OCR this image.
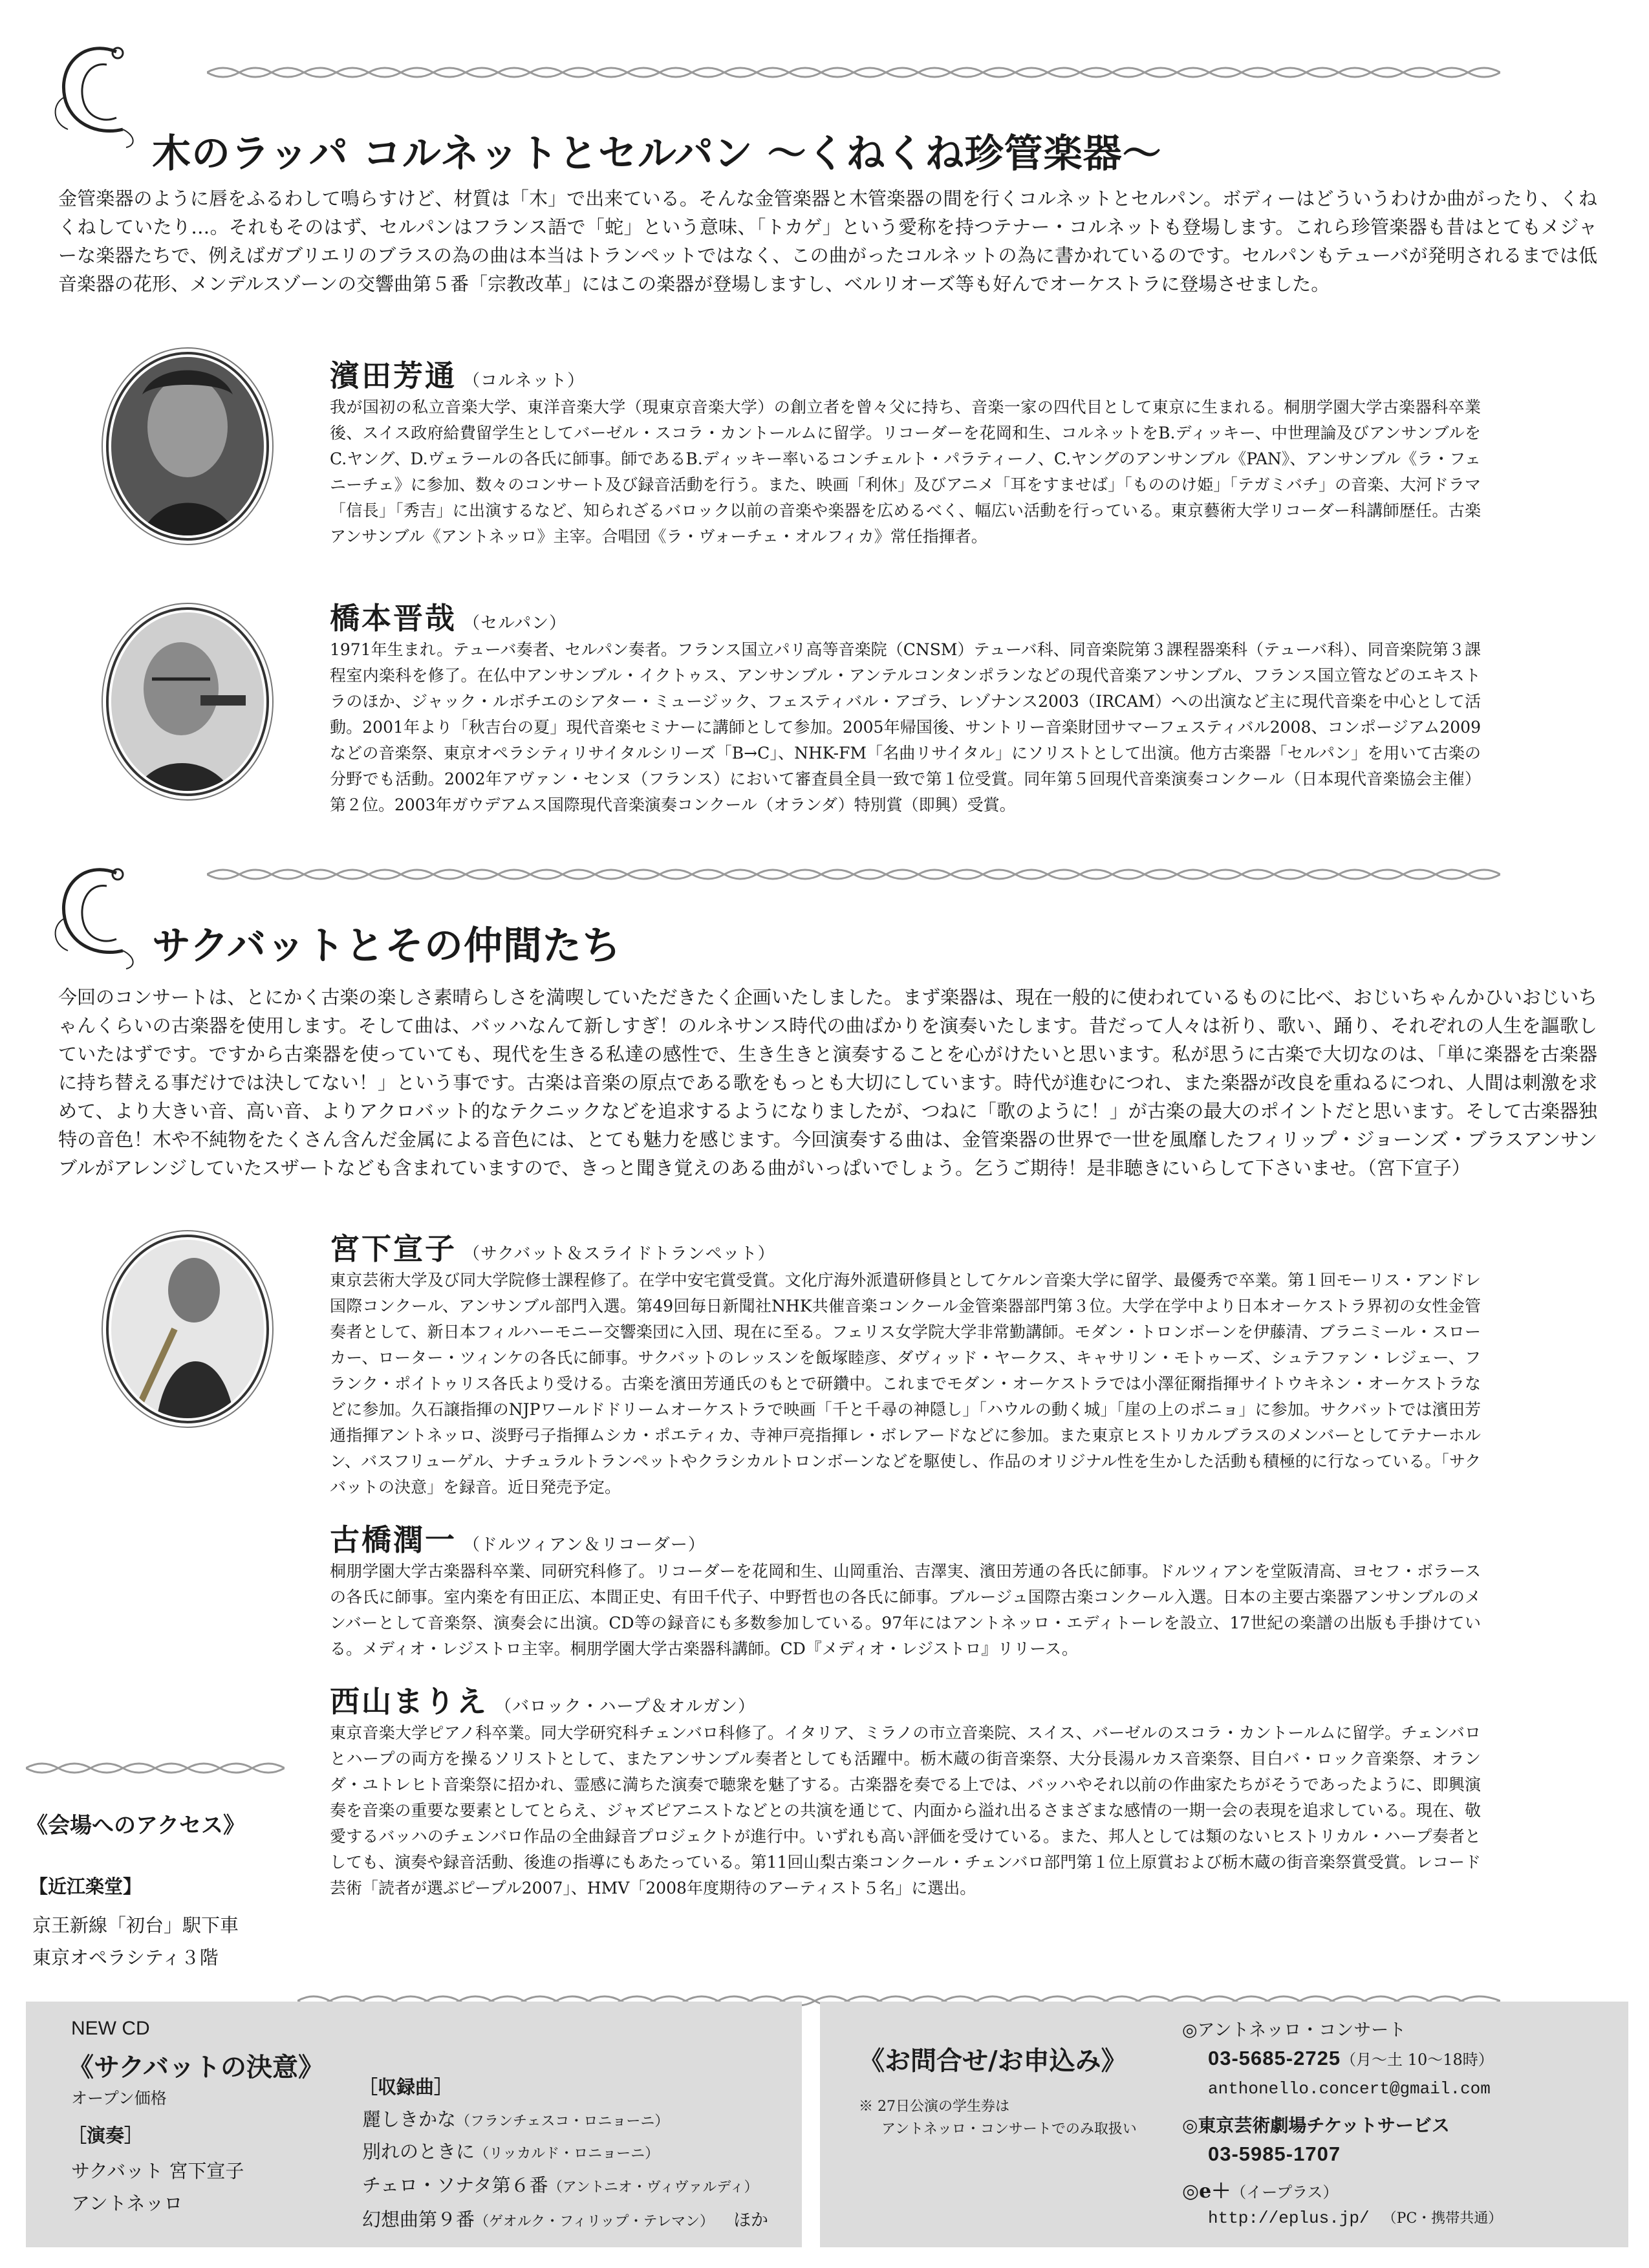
木のラッパ コルネットとセルパン 〜くねくね珍管楽器〜
金管楽器のように唇をふるわして鳴らすけど、材質は「木」で出来ている。そんな金管楽器と木管楽器の間を行くコルネットとセルパン。ボディーはどういうわけか曲がったり、くねくねしていたり…。それもそのはず、セルパンはフランス語で「蛇」という意味、「トカゲ」という愛称を持つテナー・コルネットも登場します。これら珍管楽器も昔はとてもメジャーな楽器たちで、例えばガブリエリのブラスの為の曲は本当はトランペットではなく、この曲がったコルネットの為に書かれているのです。セルパンもテューバが発明されるまでは低音楽器の花形、メンデルスゾーンの交響曲第５番「宗教改革」にはこの楽器が登場しますし、ベルリオーズ等も好んでオーケストラに登場させました。
濱田芳通 （コルネット）
我が国初の私立音楽大学、東洋音楽大学（現東京音楽大学）の創立者を曾々父に持ち、音楽一家の四代目として東京に生まれる。桐朋学園大学古楽器科卒業後、スイス政府給費留学生としてバーゼル・スコラ・カントールムに留学。リコーダーを花岡和生、コルネットをB.ディッキー、中世理論及びアンサンブルをC.ヤング、D.ヴェラールの各氏に師事。師であるB.ディッキー率いるコンチェルト・パラティーノ、C.ヤングのアンサンブル《PAN》、アンサンブル《ラ・フェニーチェ》に参加、数々のコンサート及び録音活動を行う。また、映画「利休」及びアニメ「耳をすませば」「もののけ姫」「テガミバチ」の音楽、大河ドラマ「信長」「秀吉」に出演するなど、知られざるバロック以前の音楽や楽器を広めるべく、幅広い活動を行っている。東京藝術大学リコーダー科講師歴任。古楽アンサンブル《アントネッロ》主宰。合唱団《ラ・ヴォーチェ・オルフィカ》常任指揮者。
橋本晋哉 （セルパン）
1971年生まれ。テューバ奏者、セルパン奏者。フランス国立パリ高等音楽院（CNSM）テューバ科、同音楽院第３課程器楽科（テューバ科）、同音楽院第３課程室内楽科を修了。在仏中アンサンブル・イクトゥス、アンサンブル・アンテルコンタンポランなどの現代音楽アンサンブル、フランス国立管などのエキストラのほか、ジャック・ルボチエのシアター・ミュージック、フェスティバル・アゴラ、レゾナンス2003（IRCAM）への出演など主に現代音楽を中心として活動。2001年より「秋吉台の夏」現代音楽セミナーに講師として参加。2005年帰国後、サントリー音楽財団サマーフェスティバル2008、コンポージアム2009などの音楽祭、東京オペラシティリサイタルシリーズ「B→C」、NHK-FM「名曲リサイタル」にソリストとして出演。他方古楽器「セルパン」を用いて古楽の分野でも活動。2002年アヴァン・センヌ（フランス）において審査員全員一致で第１位受賞。同年第５回現代音楽演奏コンクール（日本現代音楽協会主催）第２位。2003年ガウデアムス国際現代音楽演奏コンクール（オランダ）特別賞（即興）受賞。
サクバットとその仲間たち
今回のコンサートは、とにかく古楽の楽しさ素晴らしさを満喫していただきたく企画いたしました。まず楽器は、現在一般的に使われているものに比べ、おじいちゃんかひいおじいちゃんくらいの古楽器を使用します。そして曲は、バッハなんて新しすぎ！のルネサンス時代の曲ばかりを演奏いたします。昔だって人々は祈り、歌い、踊り、それぞれの人生を謳歌していたはずです。ですから古楽器を使っていても、現代を生きる私達の感性で、生き生きと演奏することを心がけたいと思います。私が思うに古楽で大切なのは、「単に楽器を古楽器に持ち替える事だけでは決してない！」という事です。古楽は音楽の原点である歌をもっとも大切にしています。時代が進むにつれ、また楽器が改良を重ねるにつれ、人間は刺激を求めて、より大きい音、高い音、よりアクロバット的なテクニックなどを追求するようになりましたが、つねに「歌のように！」が古楽の最大のポイントだと思います。そして古楽器独特の音色！木や不純物をたくさん含んだ金属による音色には、とても魅力を感じます。今回演奏する曲は、金管楽器の世界で一世を風靡したフィリップ・ジョーンズ・ブラスアンサンブルがアレンジしていたスザートなども含まれていますので、きっと聞き覚えのある曲がいっぱいでしょう。乞うご期待！是非聴きにいらして下さいませ。（宮下宣子）
宮下宣子 （サクバット＆スライドトランペット）
東京芸術大学及び同大学院修士課程修了。在学中安宅賞受賞。文化庁海外派遣研修員としてケルン音楽大学に留学、最優秀で卒業。第１回モーリス・アンドレ国際コンクール、アンサンブル部門入選。第49回毎日新聞社NHK共催音楽コンクール金管楽器部門第３位。大学在学中より日本オーケストラ界初の女性金管奏者として、新日本フィルハーモニー交響楽団に入団、現在に至る。フェリス女学院大学非常勤講師。モダン・トロンボーンを伊藤清、ブラニミール・スローカー、ローター・ツィンケの各氏に師事。サクバットのレッスンを飯塚睦彦、ダヴィッド・ヤークス、キャサリン・モトゥーズ、シュテファン・レジェー、フランク・ポイトゥリス各氏より受ける。古楽を濱田芳通氏のもとで研鑽中。これまでモダン・オーケストラでは小澤征爾指揮サイトウキネン・オーケストラなどに参加。久石譲指揮のNJPワールドドリームオーケストラで映画「千と千尋の神隠し」「ハウルの動く城」「崖の上のポニョ」に参加。サクバットでは濱田芳通指揮アントネッロ、淡野弓子指揮ムシカ・ポエティカ、寺神戸亮指揮レ・ボレアードなどに参加。また東京ヒストリカルブラスのメンバーとしてテナーホルン、バスフリューゲル、ナチュラルトランペットやクラシカルトロンボーンなどを駆使し、作品のオリジナル性を生かした活動も積極的に行なっている。「サクバットの決意」を録音。近日発売予定。
古橋潤一 （ドルツィアン＆リコーダー）
桐朋学園大学古楽器科卒業、同研究科修了。リコーダーを花岡和生、山岡重治、吉澤実、濱田芳通の各氏に師事。ドルツィアンを堂阪清高、ヨセフ・ボラースの各氏に師事。室内楽を有田正広、本間正史、有田千代子、中野哲也の各氏に師事。ブルージュ国際古楽コンクール入選。日本の主要古楽器アンサンブルのメンバーとして音楽祭、演奏会に出演。CD等の録音にも多数参加している。97年にはアントネッロ・エディトーレを設立、17世紀の楽譜の出版も手掛けている。メディオ・レジストロ主宰。桐朋学園大学古楽器科講師。CD『メディオ・レジストロ』リリース。
西山まりえ （バロック・ハープ＆オルガン）
東京音楽大学ピアノ科卒業。同大学研究科チェンバロ科修了。イタリア、ミラノの市立音楽院、スイス、バーゼルのスコラ・カントールムに留学。チェンバロとハープの両方を操るソリストとして、またアンサンブル奏者としても活躍中。栃木蔵の街音楽祭、大分長湯ルカス音楽祭、目白バ・ロック音楽祭、オランダ・ユトレヒト音楽祭に招かれ、霊感に満ちた演奏で聴衆を魅了する。古楽器を奏でる上では、バッハやそれ以前の作曲家たちがそうであったように、即興演奏を音楽の重要な要素としてとらえ、ジャズピアニストなどとの共演を通じて、内面から溢れ出るさまざまな感情の一期一会の表現を追求している。現在、敬愛するバッハのチェンバロ作品の全曲録音プロジェクトが進行中。いずれも高い評価を受けている。また、邦人としては類のないヒストリカル・ハープ奏者としても、演奏や録音活動、後進の指導にもあたっている。第11回山梨古楽コンクール・チェンバロ部門第１位上原賞および栃木蔵の街音楽祭賞受賞。レコード芸術「読者が選ぶピープル2007」、HMV「2008年度期待のアーティスト５名」に選出。
《会場へのアクセス》
【近江楽堂】
京王新線「初台」駅下車
東京オペラシティ３階
NEW CD
《サクバットの決意》
オープン価格
［演奏］
サクバット 宮下宣子
アントネッロ
［収録曲］
麗しきかな（フランチェスコ・ロニョーニ）
別れのときに（リッカルド・ロニョーニ）
チェロ・ソナタ第６番（アントニオ・ヴィヴァルディ）
幻想曲第９番（ゲオルク・フィリップ・テレマン） ほか
《お問合せ/お申込み》
※ 27日公演の学生券は
アントネッロ・コンサートでのみ取扱い
◎アントネッロ・コンサート
03-5685-2725（月〜土 10〜18時）
anthonello.concert@gmail.com
◎東京芸術劇場チケットサービス
03-5985-1707
◎e＋（イープラス）
http://eplus.jp/ （PC・携帯共通）
